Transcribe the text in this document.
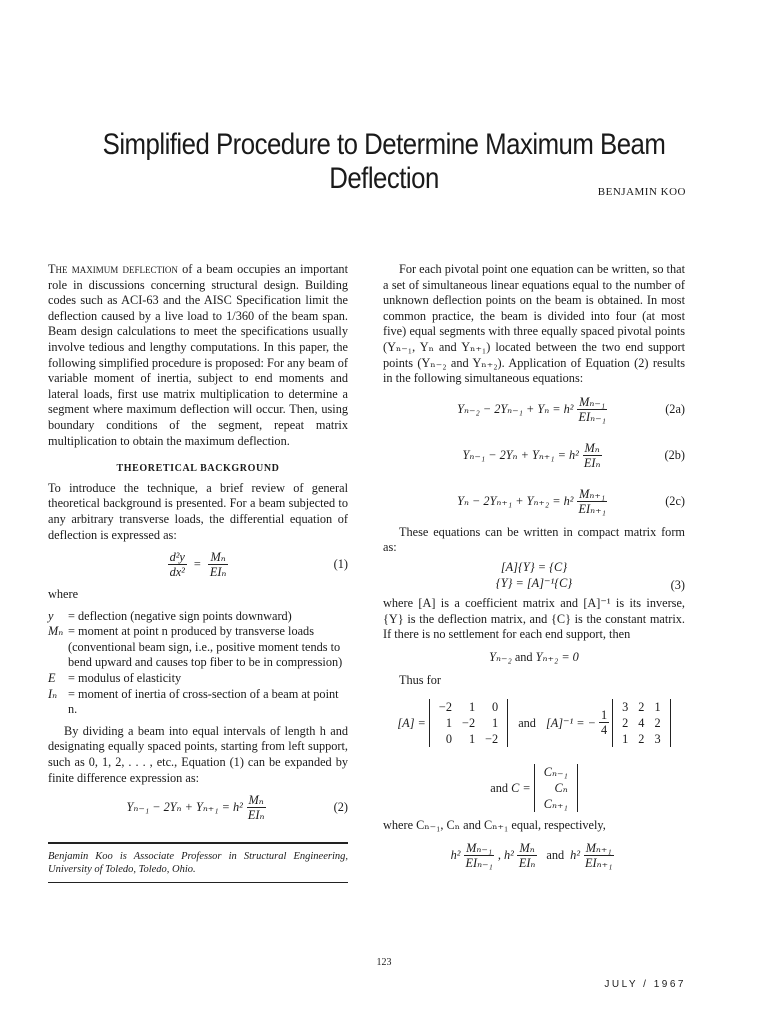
Simplified Procedure to Determine Maximum Beam Deflection	BENJAMIN KOO

The maximum deflection of a beam occupies an important role in discussions concerning structural design. Building codes such as ACI-63 and the AISC Specification limit the deflection caused by a live load to 1/360 of the beam span. Beam design calculations to meet the specifications usually involve tedious and lengthy computations. In this paper, the following simplified procedure is proposed: For any beam of variable moment of inertia, subject to end moments and lateral loads, first use matrix multiplication to determine a segment where maximum deflection will occur. Then, using boundary conditions of the segment, repeat matrix multiplication to obtain the maximum deflection.

THEORETICAL BACKGROUND

To introduce the technique, a brief review of general theoretical background is presented. For a beam subjected to any arbitrary transverse loads, the differential equation of deflection is expressed as:

$\frac{\text{d²y}}{\text{dx²}} = \frac{\text{Mₙ}}{\text{EIₙ}}$	(1)

where

y	= deflection (negative sign points downward)
Mₙ = moment at point n produced by transverse loads (conventional beam sign, i.e., positive moment tends to bend upward and causes top fiber to be in compression)
E	= modulus of elasticity
Iₙ = moment of inertia of cross-section of a beam at point n.

By dividing a beam into equal intervals of length h and designating equally spaced points, starting from left support, such as 0, 1, 2, . . . , etc., Equation (1) can be expanded by finite difference expression as:

$Y_{n-1} - 2Y_n + Y_{n+1} = h^2 \frac{\text{Mₙ}}{\text{EIₙ}}$	(2)

Benjamin Koo is Associate Professor in Structural Engineering, University of Toledo, Toledo, Ohio.

For each pivotal point one equation can be written, so that a set of simultaneous linear equations equal to the number of unknown deflection points on the beam is obtained. In most common practice, the beam is divided into four (at most five) equal segments with three equally spaced pivotal points (Yₙ₋₁, Yₙ and Yₙ₊₁) located between the two end support points (Yₙ₋₂ and Yₙ₊₂). Application of Equation (2) results in the following simultaneous equations:

$Y_{n-2} - 2Y_{n-1} + Y_n = h^2 \frac{\text{Mₙ₋₁}}{\text{EIₙ₋₁}}$	(2a)
$Y_{n-1} - 2Y_n + Y_{n+1} = h^2 \frac{\text{Mₙ}}{\text{EIₙ}}$	(2b)
$Y_n - 2Y_{n+1} + Y_{n+2} = h^2 \frac{\text{Mₙ₊₁}}{\text{EIₙ₊₁}}$	(2c)

These equations can be written in compact matrix form as:

[A]{Y} = {C}
{Y} = [A]⁻¹{C}	(3)

where [A] is a coefficient matrix and [A]⁻¹ is its inverse, {Y} is the deflection matrix, and {C} is the constant matrix. If there is no settlement for each end support, then

Yₙ₋₂ and Yₙ₊₂ = 0

Thus for

[A] =
−2	1	0
1 −2	1
0	1 −2
and [A]⁻¹ = − $\frac{1}{4}$
3 2 1
2 4 2
1 2 3
and C =
Cₙ₋₁
Cₙ
Cₙ₊₁

where Cₙ₋₁, Cₙ and Cₙ₊₁ equal, respectively,

$h^2 \frac{\text{Mₙ₋₁}}{\text{EIₙ₋₁}}$ , $h^2 \frac{\text{Mₙ}}{\text{EIₙ}}$ and $h^2 \frac{\text{Mₙ₊₁}}{\text{EIₙ₊₁}}$
123
JULY / 1967
